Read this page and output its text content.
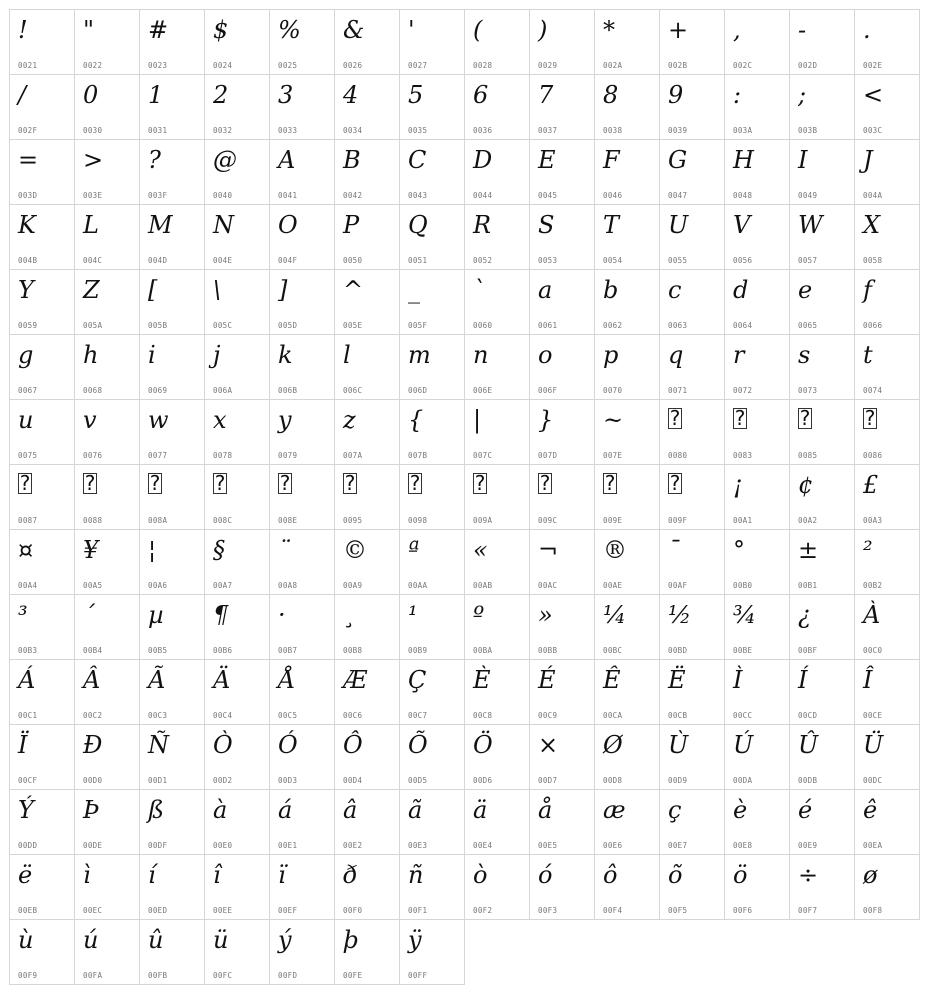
!
0021
"
0022
#
0023
$
0024
%
0025
&
0026
'
0027
(
0028
)
0029
*
002A
+
002B
,
002C
-
002D
.
002E
/
002F
0
0030
1
0031
2
0032
3
0033
4
0034
5
0035
6
0036
7
0037
8
0038
9
0039
:
003A
;
003B
<
003C
=
003D
>
003E
?
003F
@
0040
A
0041
B
0042
C
0043
D
0044
E
0045
F
0046
G
0047
H
0048
I
0049
J
004A
K
004B
L
004C
M
004D
N
004E
O
004F
P
0050
Q
0051
R
0052
S
0053
T
0054
U
0055
V
0056
W
0057
X
0058
Y
0059
Z
005A
[
005B
\
005C
]
005D
^
005E
_
005F
`
0060
a
0061
b
0062
c
0063
d
0064
e
0065
f
0066
g
0067
h
0068
i
0069
j
006A
k
006B
l
006C
m
006D
n
006E
o
006F
p
0070
q
0071
r
0072
s
0073
t
0074
u
0075
v
0076
w
0077
x
0078
y
0079
z
007A
{
007B
|
007C
}
007D
~
007E
?
0080
?
0083
?
0085
?
0086
?
0087
?
0088
?
008A
?
008C
?
008E
?
0095
?
0098
?
009A
?
009C
?
009E
?
009F
¡
00A1
¢
00A2
£
00A3
¤
00A4
¥
00A5
¦
00A6
§
00A7
¨
00A8
©
00A9
ª
00AA
«
00AB
¬
00AC
®
00AE
¯
00AF
°
00B0
±
00B1
²
00B2
³
00B3
´
00B4
µ
00B5
¶
00B6
·
00B7
¸
00B8
¹
00B9
º
00BA
»
00BB
¼
00BC
½
00BD
¾
00BE
¿
00BF
À
00C0
Á
00C1
Â
00C2
Ã
00C3
Ä
00C4
Å
00C5
Æ
00C6
Ç
00C7
È
00C8
É
00C9
Ê
00CA
Ë
00CB
Ì
00CC
Í
00CD
Î
00CE
Ï
00CF
Ð
00D0
Ñ
00D1
Ò
00D2
Ó
00D3
Ô
00D4
Õ
00D5
Ö
00D6
×
00D7
Ø
00D8
Ù
00D9
Ú
00DA
Û
00DB
Ü
00DC
Ý
00DD
Þ
00DE
ß
00DF
à
00E0
á
00E1
â
00E2
ã
00E3
ä
00E4
å
00E5
æ
00E6
ç
00E7
è
00E8
é
00E9
ê
00EA
ë
00EB
ì
00EC
í
00ED
î
00EE
ï
00EF
ð
00F0
ñ
00F1
ò
00F2
ó
00F3
ô
00F4
õ
00F5
ö
00F6
÷
00F7
ø
00F8
ù
00F9
ú
00FA
û
00FB
ü
00FC
ý
00FD
þ
00FE
ÿ
00FF
